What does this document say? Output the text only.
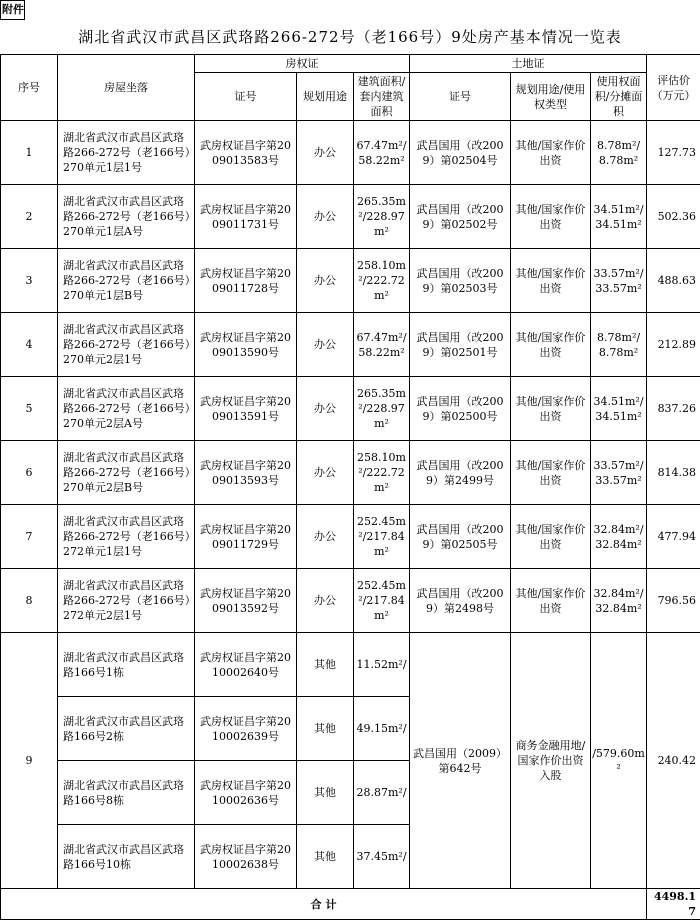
附件
湖北省武汉市武昌区武珞路266-272号（老166号）9处房产基本情况一览表
序号	房屋坐落	房权证			土地证			评估价（万元）
		证号	规划用途	建筑面积/套内建筑面积	证号	规划用途/使用权类型	使用权面积/分摊面积	
1	湖北省武汉市武昌区武珞路266-272号（老166号）270单元1层1号	武房权证昌字第2009013583号	办公	67.47m²/58.22m²	武昌国用（改2009）第02504号	其他/国家作价出资	8.78m²/8.78m²	127.73
2	湖北省武汉市武昌区武珞路266-272号（老166号）270单元1层A号	武房权证昌字第2009011731号	办公	265.35m²/228.97m²	武昌国用（改2009）第02502号	其他/国家作价出资	34.51m²/34.51m²	502.36
3	湖北省武汉市武昌区武珞路266-272号（老166号）270单元1层B号	武房权证昌字第2009011728号	办公	258.10m²/222.72m²	武昌国用（改2009）第02503号	其他/国家作价出资	33.57m²/33.57m²	488.63
4	湖北省武汉市武昌区武珞路266-272号（老166号）270单元2层1号	武房权证昌字第2009013590号	办公	67.47m²/58.22m²	武昌国用（改2009）第02501号	其他/国家作价出资	8.78m²/8.78m²	212.89
5	湖北省武汉市武昌区武珞路266-272号（老166号）270单元2层A号	武房权证昌字第2009013591号	办公	265.35m²/228.97m²	武昌国用（改2009）第02500号	其他/国家作价出资	34.51m²/34.51m²	837.26
6	湖北省武汉市武昌区武珞路266-272号（老166号）270单元2层B号	武房权证昌字第2009013593号	办公	258.10m²/222.72m²	武昌国用（改2009）第2499号	其他/国家作价出资	33.57m²/33.57m²	814.38
7	湖北省武汉市武昌区武珞路266-272号（老166号）272单元1层1号	武房权证昌字第2009011729号	办公	252.45m²/217.84m²	武昌国用（改2009）第02505号	其他/国家作价出资	32.84m²/32.84m²	477.94
8	湖北省武汉市武昌区武珞路266-272号（老166号）272单元2层1号	武房权证昌字第2009013592号	办公	252.45m²/217.84m²	武昌国用（改2009）第2498号	其他/国家作价出资	32.84m²/32.84m²	796.56
9	湖北省武汉市武昌区武珞路166号1栋	武房权证昌字第2010002640号	其他	11.52m²/	武昌国用（2009）第642号	商务金融用地/国家作价出资入股	/579.60m²	240.42
	湖北省武汉市武昌区武珞路166号2栋	武房权证昌字第2010002639号	其他	49.15m²/				
	湖北省武汉市武昌区武珞路166号8栋	武房权证昌字第2010002636号	其他	28.87m²/				
	湖北省武汉市武昌区武珞路166号10栋	武房权证昌字第2010002638号	其他	37.45m²/				
合 计								4498.17
